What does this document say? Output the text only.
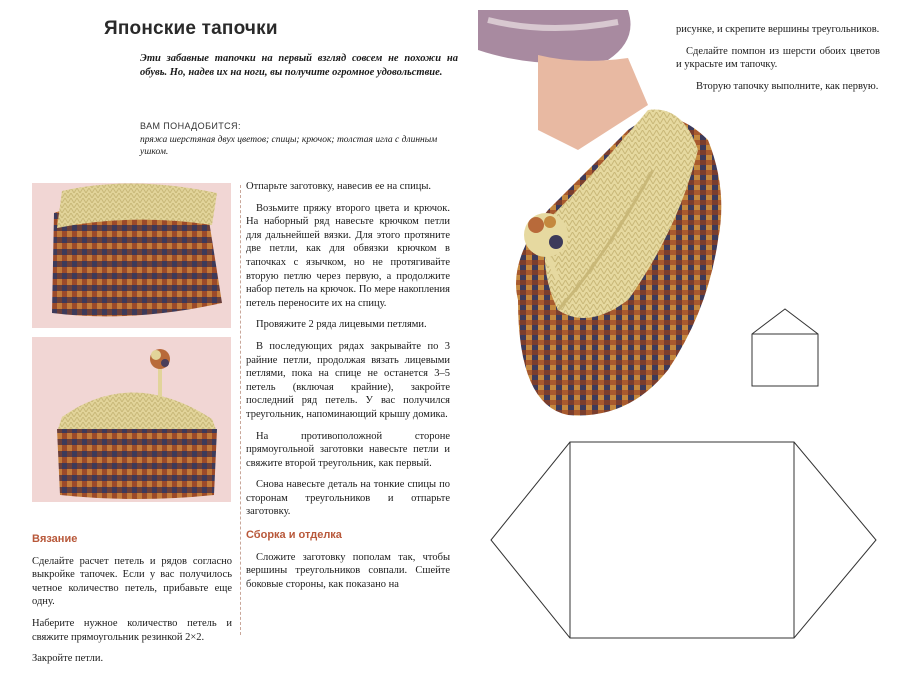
Японские тапочки
Эти забавные тапочки на первый взгляд совсем не похожи на обувь. Но, надев их на ноги, вы получите огромное удовольствие.
ВАМ ПОНАДОБИТСЯ:
пряжа шерстяная двух цветов; спицы; крючок; толстая игла с длинным ушком.

Вязание

Сделайте расчет петель и рядов согласно выкройке тапочек. Если у вас получилось четное количество петель, прибавьте еще одну.

Наберите нужное количество петель и свяжите прямоугольник резинкой 2×2.

Закройте петли.

Отпарьте заготовку, навесив ее на спицы.

Возьмите пряжу второго цвета и крючок. На наборный ряд навесьте крючком петли для дальнейшей вязки. Для этого протяните две петли, как для обвязки крючком в тапочках с язычком, но не протягивайте вторую петлю через первую, а продолжите набор петель на крючок. По мере накопления петель переносите их на спицу.

Провяжите 2 ряда лицевыми петлями.

В последующих рядах закрывайте по 3 райние петли, продолжая вязать лицевыми петлями, пока на спице не останется 3–5 петель (включая крайние), закройте последний ряд петель. У вас получился треугольник, напоминающий крышу домика.

На противоположной стороне прямоугольной заготовки навесьте петли и свяжите второй треугольник, как первый.

Снова навесьте деталь на тонкие спицы по сторонам треугольников и отпарьте заготовку.

Сборка и отделка

Сложите заготовку пополам так, чтобы вершины треугольников совпали. Сшейте боковые стороны, как показано на

рисунке, и скрепите вершины треугольников.

Сделайте помпон из шерсти обоих цветов и украсьте им тапочку.

Вторую тапочку выполните, как первую.
